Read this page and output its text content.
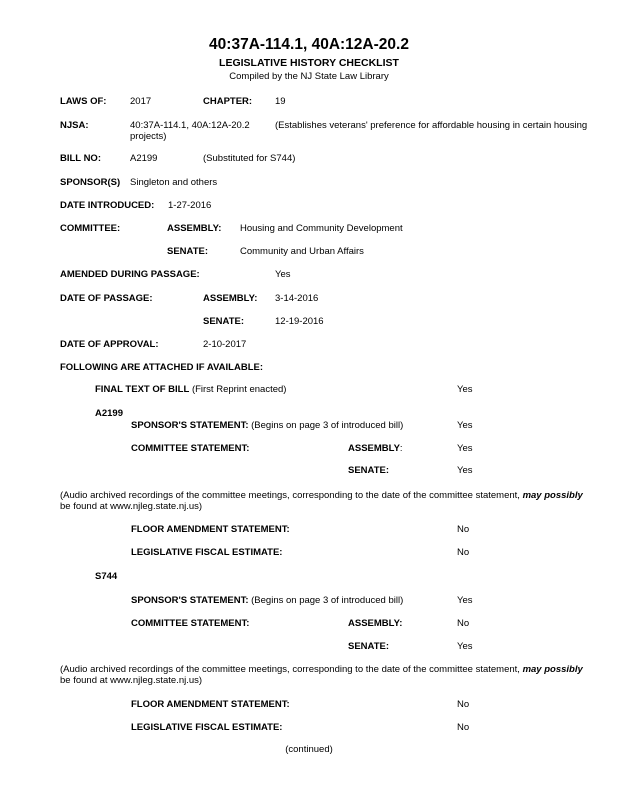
40:37A-114.1, 40A:12A-20.2
LEGISLATIVE HISTORY CHECKLIST
Compiled by the NJ State Law Library
LAWS OF: 2017	CHAPTER: 19
NJSA:	40:37A-114.1, 40A:12A-20.2	(Establishes veterans' preference for affordable housing in certain housing
projects)
BILL NO:	A2199	(Substituted for S744)
SPONSOR(S) Singleton and others
DATE INTRODUCED: 1-27-2016
COMMITTEE:	ASSEMBLY: Housing and Community Development
SENATE:	Community and Urban Affairs
AMENDED DURING PASSAGE:	Yes
DATE OF PASSAGE:	ASSEMBLY: 3-14-2016
SENATE:	12-19-2016
DATE OF APPROVAL:	2-10-2017
FOLLOWING ARE ATTACHED IF AVAILABLE:
FINAL TEXT OF BILL (First Reprint enacted)	Yes
A2199
SPONSOR'S STATEMENT: (Begins on page 3 of introduced bill)	Yes
COMMITTEE STATEMENT:	ASSEMBLY:	Yes
SENATE:	Yes
(Audio archived recordings of the committee meetings, corresponding to the date of the committee statement, may possibly
be found at www.njleg.state.nj.us)
FLOOR AMENDMENT STATEMENT:	No
LEGISLATIVE FISCAL ESTIMATE:	No
S744
SPONSOR'S STATEMENT: (Begins on page 3 of introduced bill)	Yes
COMMITTEE STATEMENT:	ASSEMBLY:	No
SENATE:	Yes
(Audio archived recordings of the committee meetings, corresponding to the date of the committee statement, may possibly
be found at www.njleg.state.nj.us)
FLOOR AMENDMENT STATEMENT:	No
LEGISLATIVE FISCAL ESTIMATE:	No
(continued)
